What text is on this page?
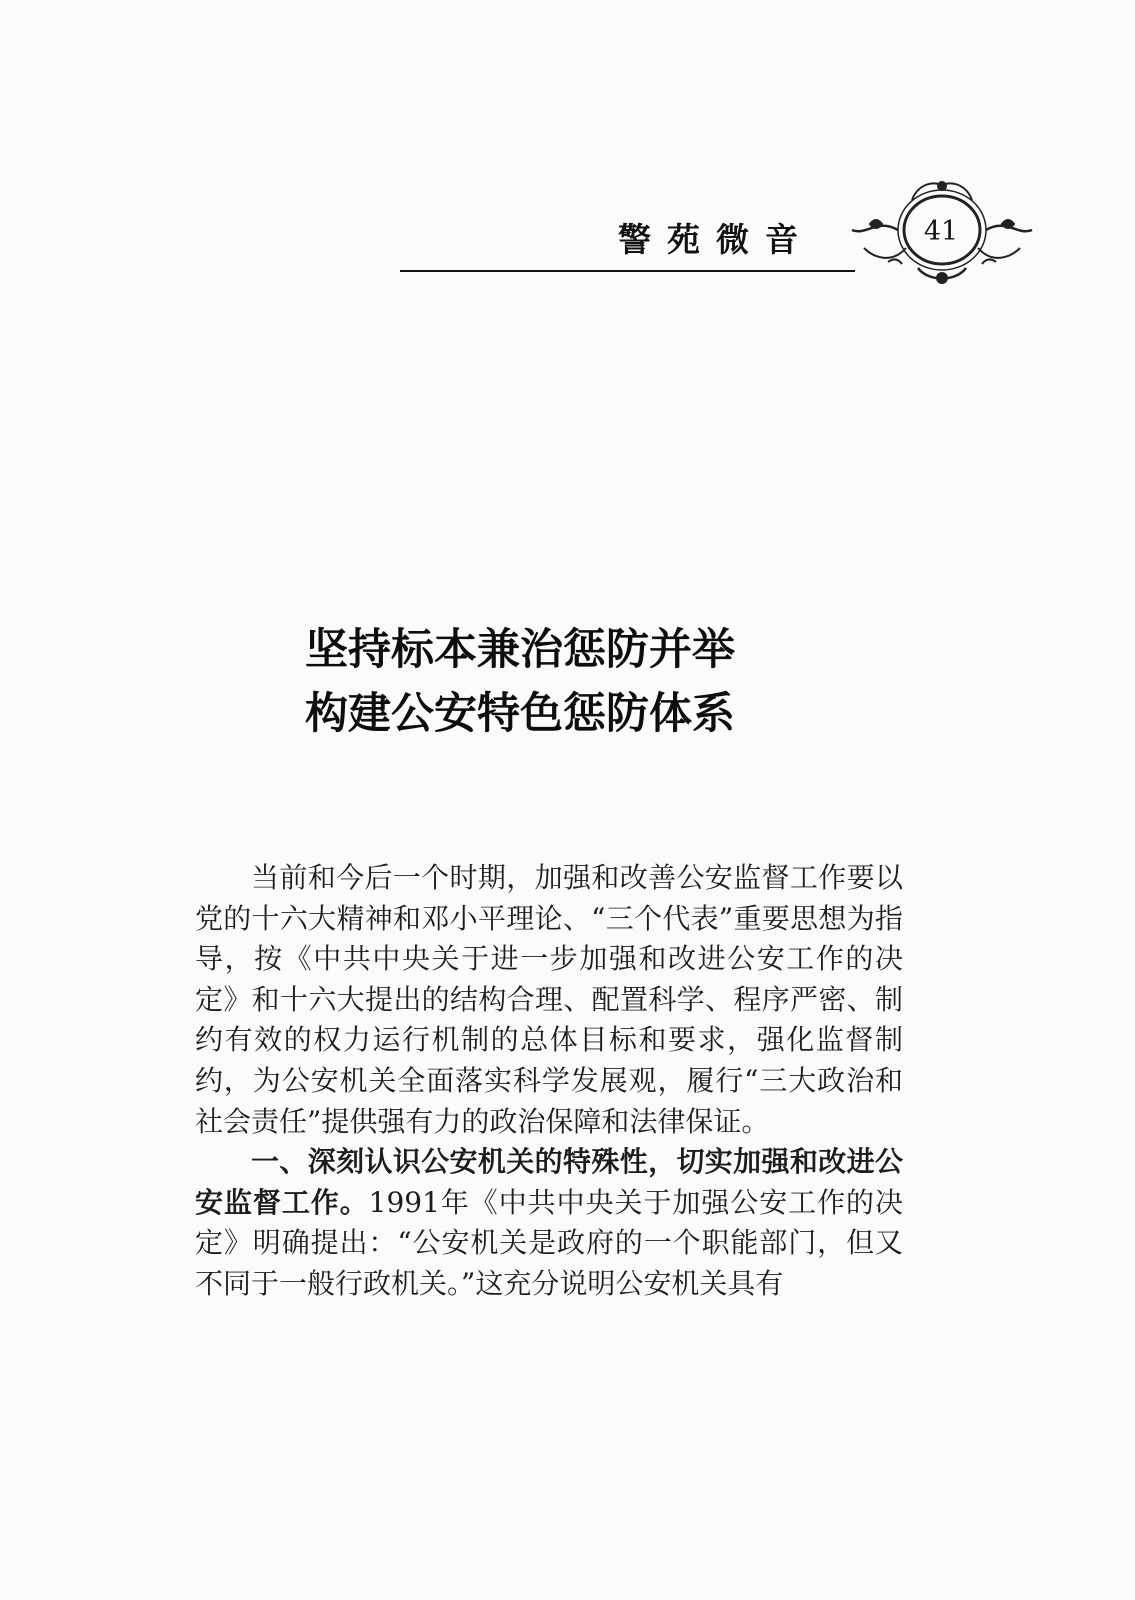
警苑微音	41
坚持标本兼治惩防并举
构建公安特色惩防体系

当前和今后一个时期，加强和改善公安监督工作要以党的十六大精神和邓小平理论、“三个代表”重要思想为指导，按《中共中央关于进一步加强和改进公安工作的决定》和十六大提出的结构合理、配置科学、程序严密、制约有效的权力运行机制的总体目标和要求，强化监督制约，为公安机关全面落实科学发展观，履行“三大政治和社会责任”提供强有力的政治保障和法律保证。

一、深刻认识公安机关的特殊性，切实加强和改进公安监督工作。1991年《中共中央关于加强公安工作的决定》明确提出：“公安机关是政府的一个职能部门，但又不同于一般行政机关。”这充分说明公安机关具有
